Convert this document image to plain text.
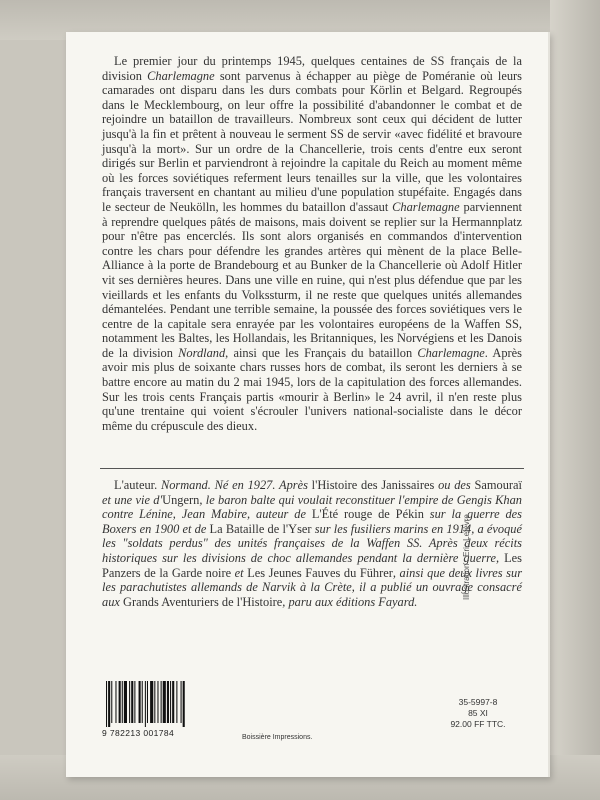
Le premier jour du printemps 1945, quelques centaines de SS français de la division Charlemagne sont parvenus à échapper au piège de Poméranie où leurs camarades ont disparu dans les durs combats pour Körlin et Belgard. Regroupés dans le Mecklembourg, on leur offre la possibilité d'abandonner le combat et de rejoindre un bataillon de travailleurs. Nombreux sont ceux qui décident de lutter jusqu'à la fin et prêtent à nouveau le serment SS de servir «avec fidélité et bravoure jusqu'à la mort». Sur un ordre de la Chancellerie, trois cents d'entre eux seront dirigés sur Berlin et parviendront à rejoindre la capitale du Reich au moment même où les forces soviétiques referment leurs tenailles sur la ville, que les volontaires français traversent en chantant au milieu d'une population stupéfaite. Engagés dans le secteur de Neukölln, les hommes du bataillon d'assaut Charlemagne parviennent à reprendre quelques pâtés de maisons, mais doivent se replier sur la Hermannplatz pour n'être pas encerclés. Ils sont alors organisés en commandos d'intervention contre les chars pour défendre les grandes artères qui mènent de la place Belle-Alliance à la porte de Brandebourg et au Bunker de la Chancellerie où Adolf Hitler vit ses dernières heures. Dans une ville en ruine, qui n'est plus défendue que par les vieillards et les enfants du Volkssturm, il ne reste que quelques unités allemandes démantelées. Pendant une terrible semaine, la poussée des forces soviétiques vers le centre de la capitale sera enrayée par les volontaires européens de la Waffen SS, notamment les Baltes, les Hollandais, les Britanniques, les Norvégiens et les Danois de la division Nordland, ainsi que les Français du bataillon Charlemagne. Après avoir mis plus de soixante chars russes hors de combat, ils seront les derniers à se battre encore au matin du 2 mai 1945, lors de la capitulation des forces allemandes. Sur les trois cents Français partis «mourir à Berlin» le 24 avril, il n'en reste plus qu'une trentaine qui voient s'écrouler l'univers national-socialiste dans le décor même du crépuscule des dieux.

L'auteur. Normand. Né en 1927. Après l'Histoire des Janissaires ou des Samouraï et une vie d'Ungern, le baron balte qui voulait reconstituer l'empire de Gengis Khan contre Lénine, Jean Mabire, auteur de L'Été rouge de Pékin sur la guerre des Boxers en 1900 et de La Bataille de l'Yser sur les fusiliers marins en 1914, a évoqué les "soldats perdus" des unités françaises de la Waffen SS. Après deux récits historiques sur les divisions de choc allemandes pendant la dernière guerre, Les Panzers de la Garde noire et Les Jeunes Fauves du Führer, ainsi que deux livres sur les parachutistes allemands de Narvik à la Crète, il a publié un ouvrage consacré aux Grands Aventuriers de l'Histoire, paru aux éditions Fayard.

9 782213 001784	Boissière Impressions.
35-5997-8
85 XI
92.00 FF TTC.
Illustration : Eric Lefèvre
